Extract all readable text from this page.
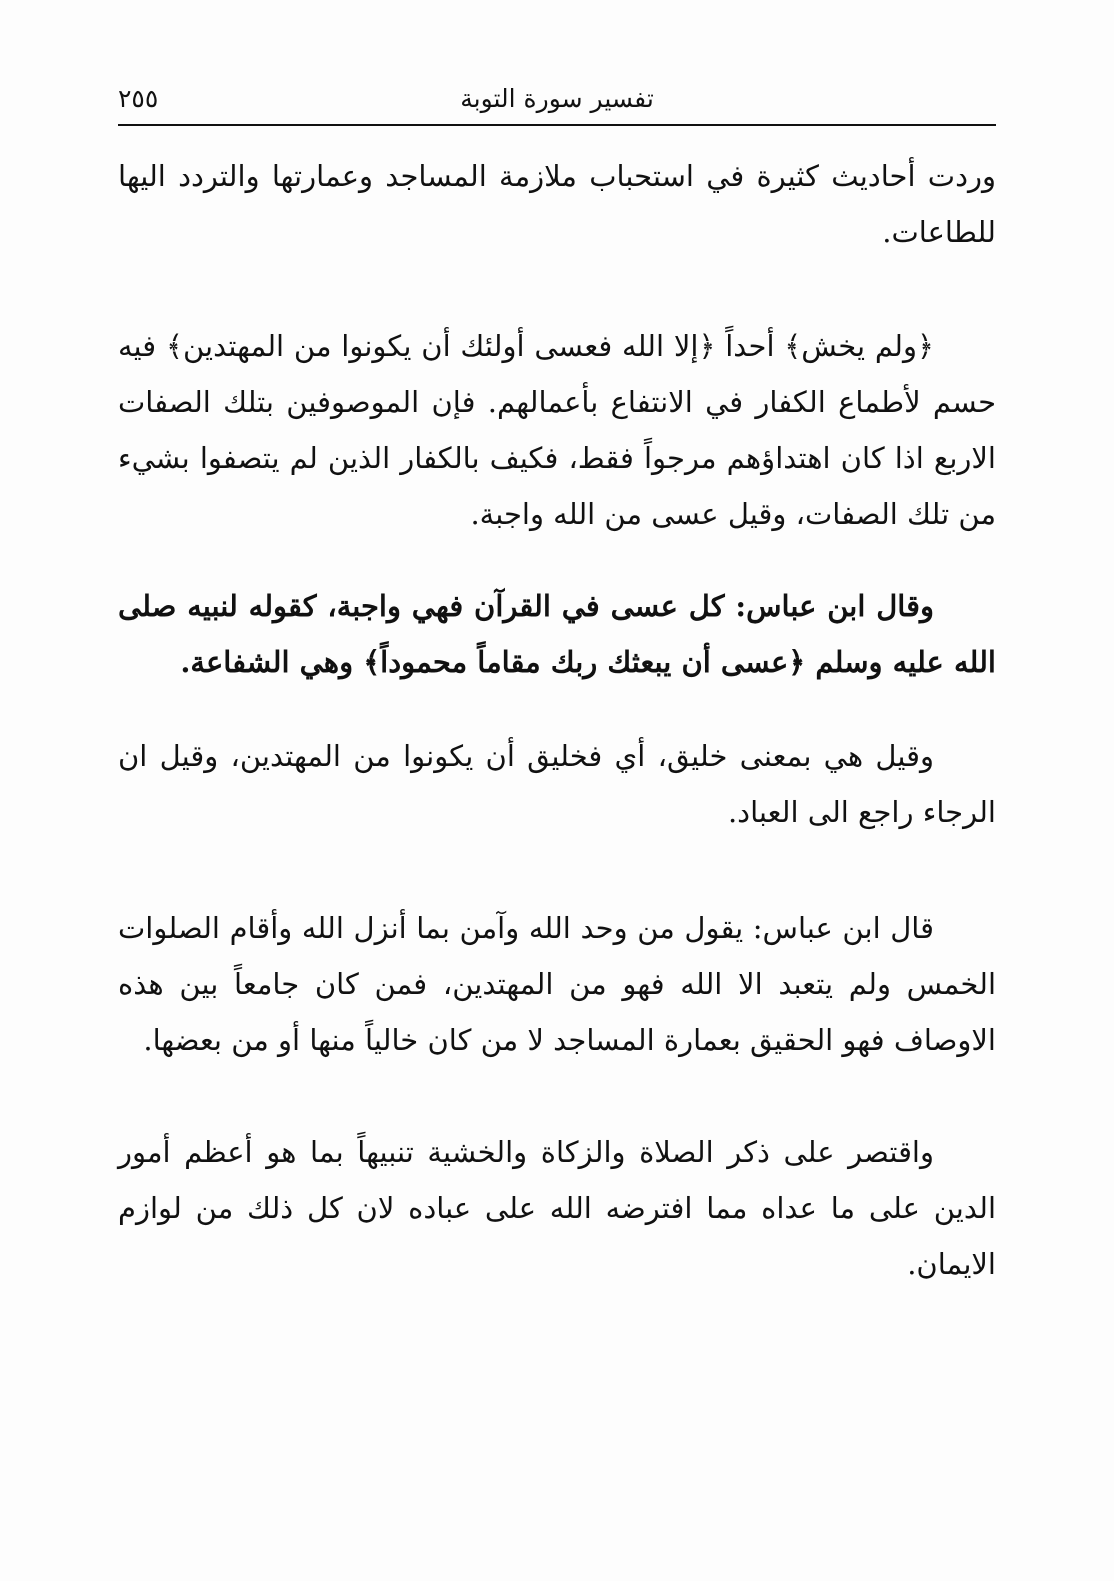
تفسير سورة التوبة
٢٥٥

وردت أحاديث كثيرة في استحباب ملازمة المساجد وعمارتها والتردد اليها للطاعات.

﴿ولم يخش﴾ أحداً ﴿إلا الله فعسى أولئك أن يكونوا من المهتدين﴾ فيه حسم لأطماع الكفار في الانتفاع بأعمالهم. فإن الموصوفين بتلك الصفات الاربع اذا كان اهتداؤهم مرجواً فقط، فكيف بالكفار الذين لم يتصفوا بشيء من تلك الصفات، وقيل عسى من الله واجبة.

وقال ابن عباس: كل عسى في القرآن فهي واجبة، كقوله لنبيه صلى الله عليه وسلم ﴿عسى أن يبعثك ربك مقاماً محموداً﴾ وهي الشفاعة.

وقيل هي بمعنى خليق، أي فخليق أن يكونوا من المهتدين، وقيل ان الرجاء راجع الى العباد.

قال ابن عباس: يقول من وحد الله وآمن بما أنزل الله وأقام الصلوات الخمس ولم يتعبد الا الله فهو من المهتدين، فمن كان جامعاً بين هذه الاوصاف فهو الحقيق بعمارة المساجد لا من كان خالياً منها أو من بعضها.

واقتصر على ذكر الصلاة والزكاة والخشية تنبيهاً بما هو أعظم أمور الدين على ما عداه مما افترضه الله على عباده لان كل ذلك من لوازم الايمان.
